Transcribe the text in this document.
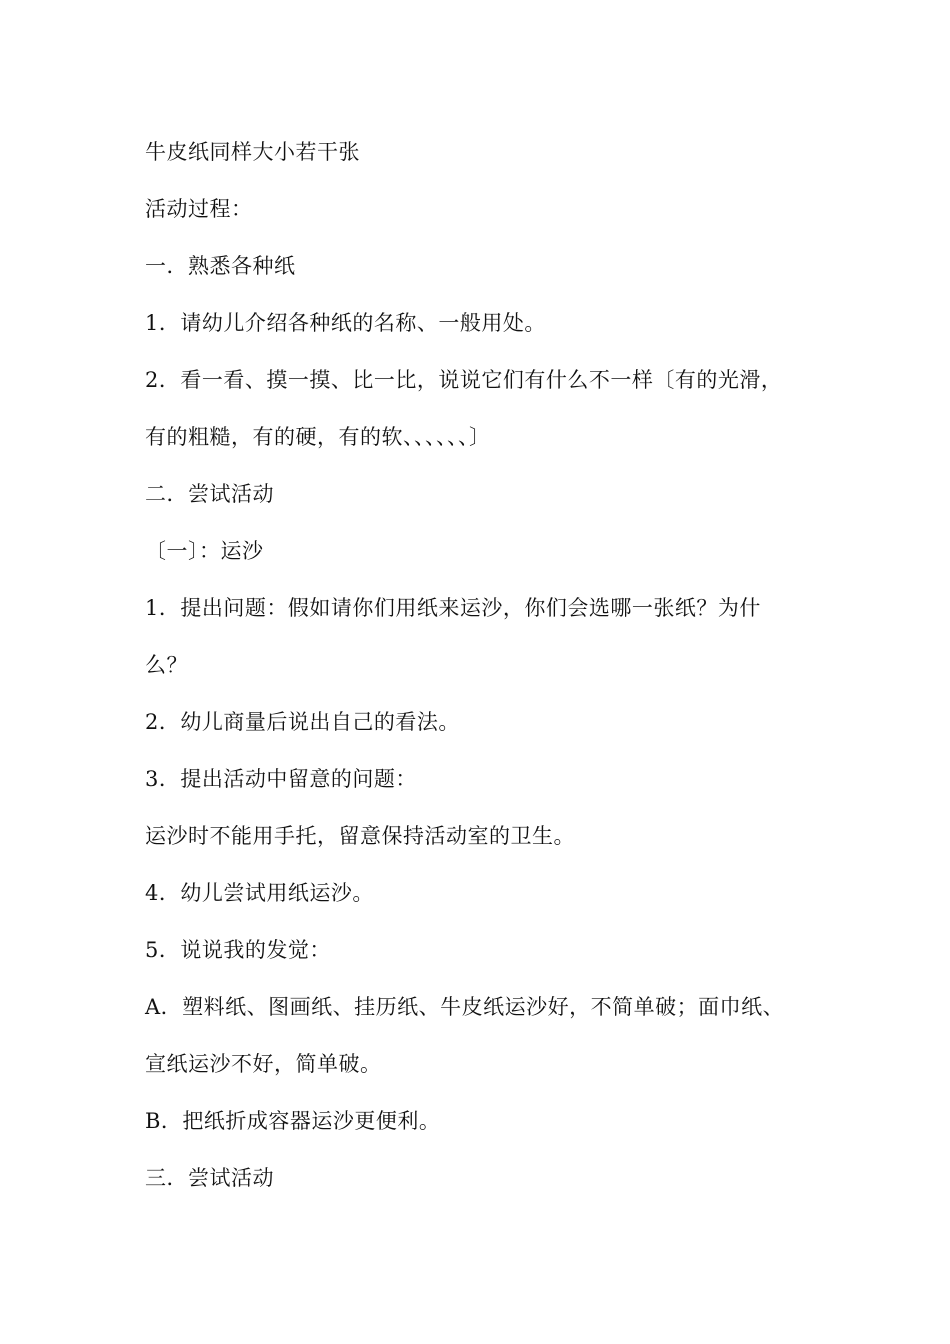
牛皮纸同样大小若干张
活动过程：
一．熟悉各种纸
1．请幼儿介绍各种纸的名称、一般用处。
2．看一看、摸一摸、比一比，说说它们有什么不一样〔有的光滑，
有的粗糙，有的硬，有的软、、、、、、〕
二．尝试活动
〔一〕：运沙
1．提出问题：假如请你们用纸来运沙，你们会选哪一张纸？为什
么？
2．幼儿商量后说出自己的看法。
3．提出活动中留意的问题：
运沙时不能用手托，留意保持活动室的卫生。
4．幼儿尝试用纸运沙。
5．说说我的发觉：
A．塑料纸、图画纸、挂历纸、牛皮纸运沙好，不简单破；面巾纸、
宣纸运沙不好，简单破。
B．把纸折成容器运沙更便利。
三．尝试活动
